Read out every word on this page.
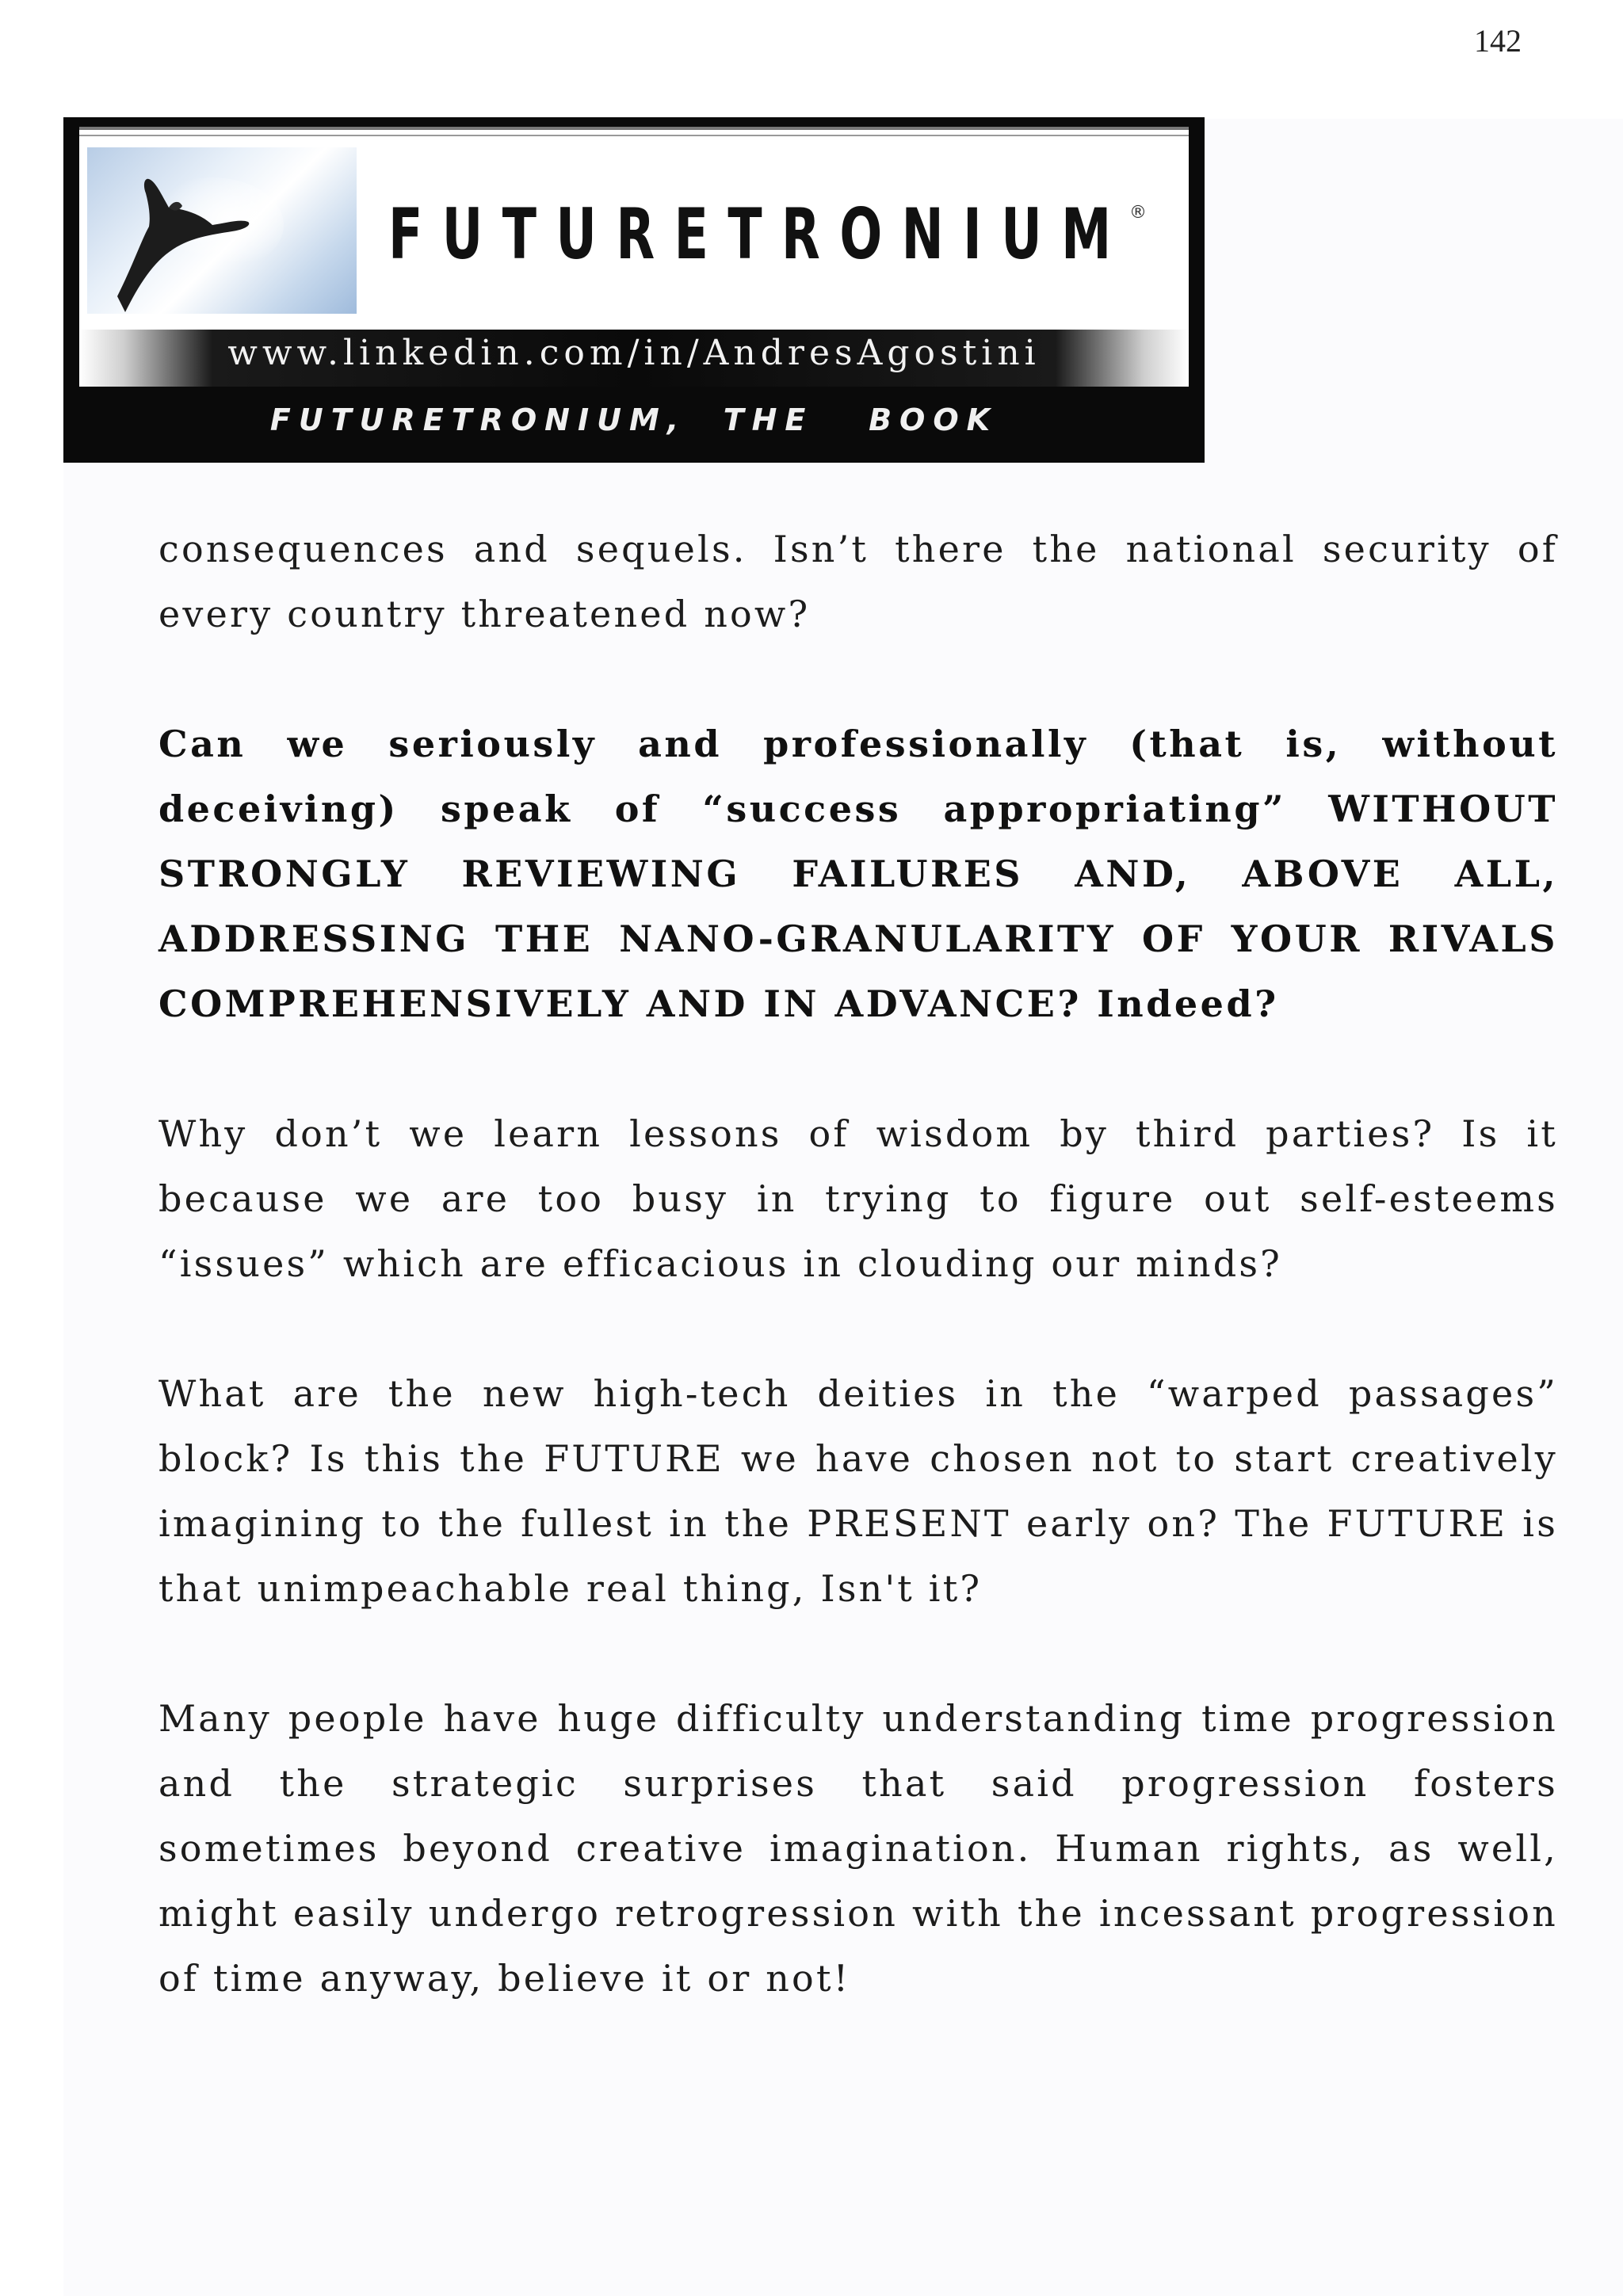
142
FUTURETRONIUM
®
www.linkedin.com/in/AndresAgostini
FUTURETRONIUM,  THE   BOOK

consequences and sequels. Isn’t there the national security of every country threatened now?

Can we seriously and professionally (that is, without deceiving) speak of “success appropriating” WITHOUT STRONGLY REVIEWING FAILURES AND, ABOVE ALL, ADDRESSING THE NANO-GRANULARITY OF YOUR RIVALS COMPREHENSIVELY AND IN ADVANCE? Indeed?

Why don’t we learn lessons of wisdom by third parties? Is it because we are too busy in trying to figure out self-esteems “issues” which are efficacious in clouding our minds?

What are the new high-tech deities in the “warped passages” block? Is this the FUTURE we have chosen not to start creatively imagining to the fullest in the PRESENT early on? The FUTURE is that unimpeachable real thing, Isn't it?

Many people have huge difficulty understanding time progression and the strategic surprises that said progression fosters sometimes beyond creative imagination. Human rights, as well, might easily undergo retrogression with the incessant progression of time anyway, believe it or not!
